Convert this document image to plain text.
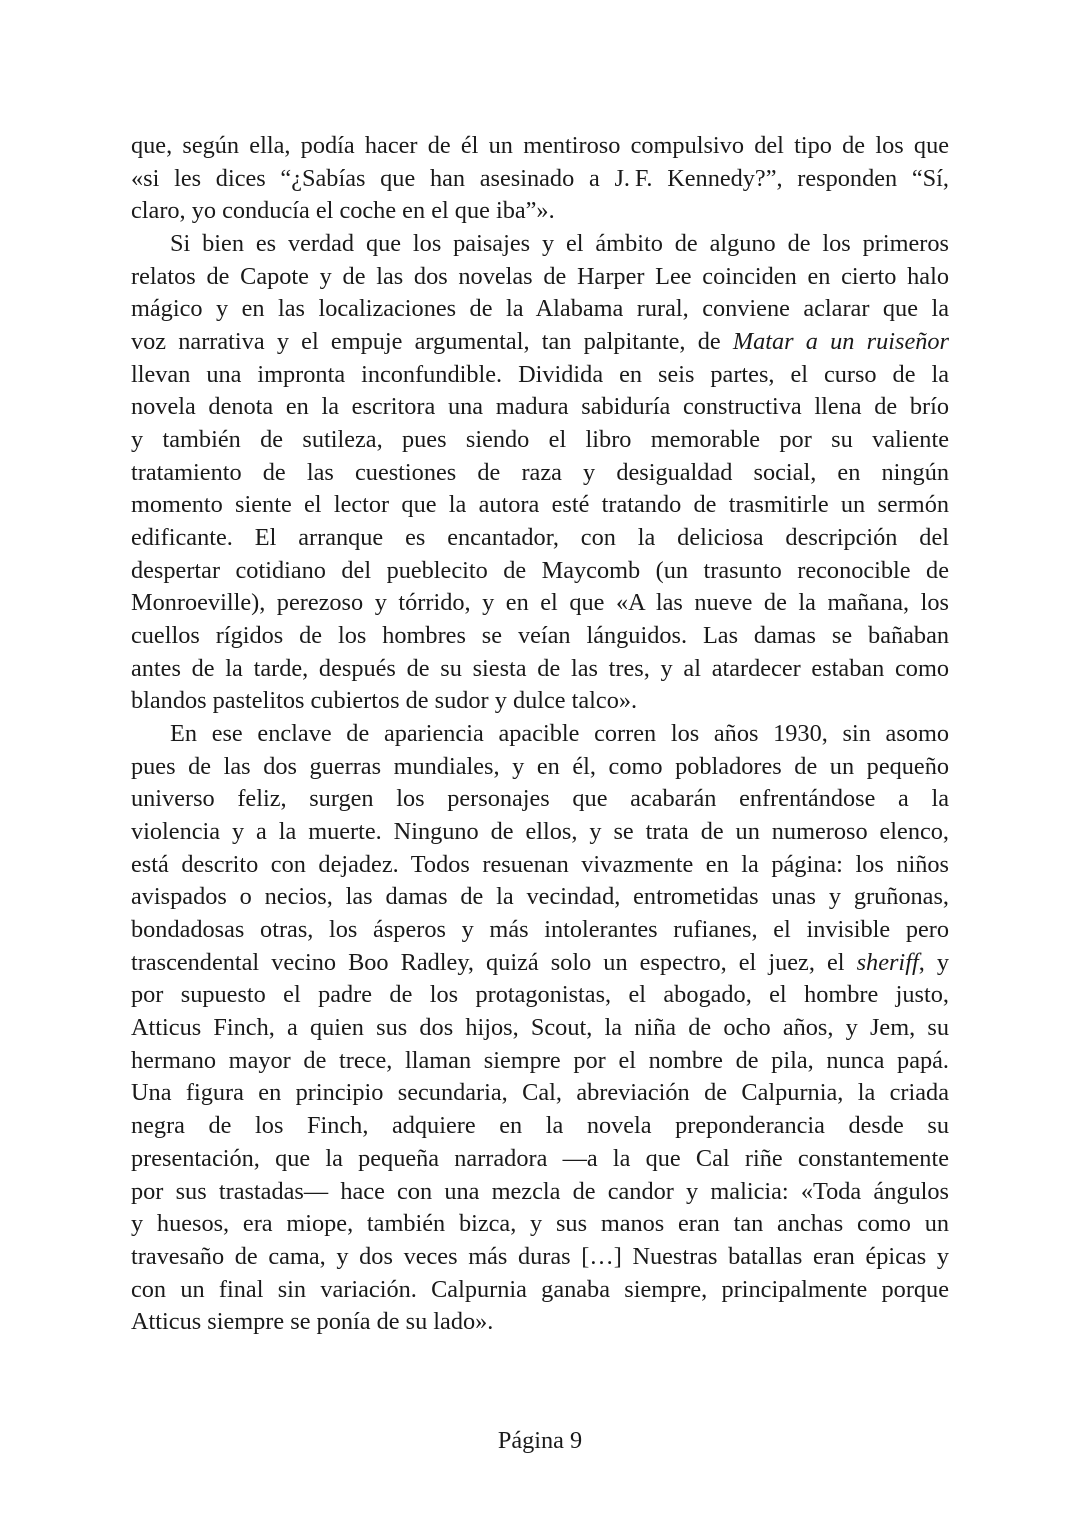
que, según ella, podía hacer de él un mentiroso compulsivo del tipo de los que
«si les dices “¿Sabías que han asesinado a J. F. Kennedy?”, responden “Sí,
claro, yo conducía el coche en el que iba”».
Si bien es verdad que los paisajes y el ámbito de alguno de los primeros
relatos de Capote y de las dos novelas de Harper Lee coinciden en cierto halo
mágico y en las localizaciones de la Alabama rural, conviene aclarar que la
voz narrativa y el empuje argumental, tan palpitante, de Matar a un ruiseñor
llevan una impronta inconfundible. Dividida en seis partes, el curso de la
novela denota en la escritora una madura sabiduría constructiva llena de brío
y también de sutileza, pues siendo el libro memorable por su valiente
tratamiento de las cuestiones de raza y desigualdad social, en ningún
momento siente el lector que la autora esté tratando de trasmitirle un sermón
edificante. El arranque es encantador, con la deliciosa descripción del
despertar cotidiano del pueblecito de Maycomb (un trasunto reconocible de
Monroeville), perezoso y tórrido, y en el que «A las nueve de la mañana, los
cuellos rígidos de los hombres se veían lánguidos. Las damas se bañaban
antes de la tarde, después de su siesta de las tres, y al atardecer estaban como
blandos pastelitos cubiertos de sudor y dulce talco».
En ese enclave de apariencia apacible corren los años 1930, sin asomo
pues de las dos guerras mundiales, y en él, como pobladores de un pequeño
universo feliz, surgen los personajes que acabarán enfrentándose a la
violencia y a la muerte. Ninguno de ellos, y se trata de un numeroso elenco,
está descrito con dejadez. Todos resuenan vivazmente en la página: los niños
avispados o necios, las damas de la vecindad, entrometidas unas y gruñonas,
bondadosas otras, los ásperos y más intolerantes rufianes, el invisible pero
trascendental vecino Boo Radley, quizá solo un espectro, el juez, el sheriff, y
por supuesto el padre de los protagonistas, el abogado, el hombre justo,
Atticus Finch, a quien sus dos hijos, Scout, la niña de ocho años, y Jem, su
hermano mayor de trece, llaman siempre por el nombre de pila, nunca papá.
Una figura en principio secundaria, Cal, abreviación de Calpurnia, la criada
negra de los Finch, adquiere en la novela preponderancia desde su
presentación, que la pequeña narradora —a la que Cal riñe constantemente
por sus trastadas— hace con una mezcla de candor y malicia: «Toda ángulos
y huesos, era miope, también bizca, y sus manos eran tan anchas como un
travesaño de cama, y dos veces más duras […] Nuestras batallas eran épicas y
con un final sin variación. Calpurnia ganaba siempre, principalmente porque
Atticus siempre se ponía de su lado».
Página 9
